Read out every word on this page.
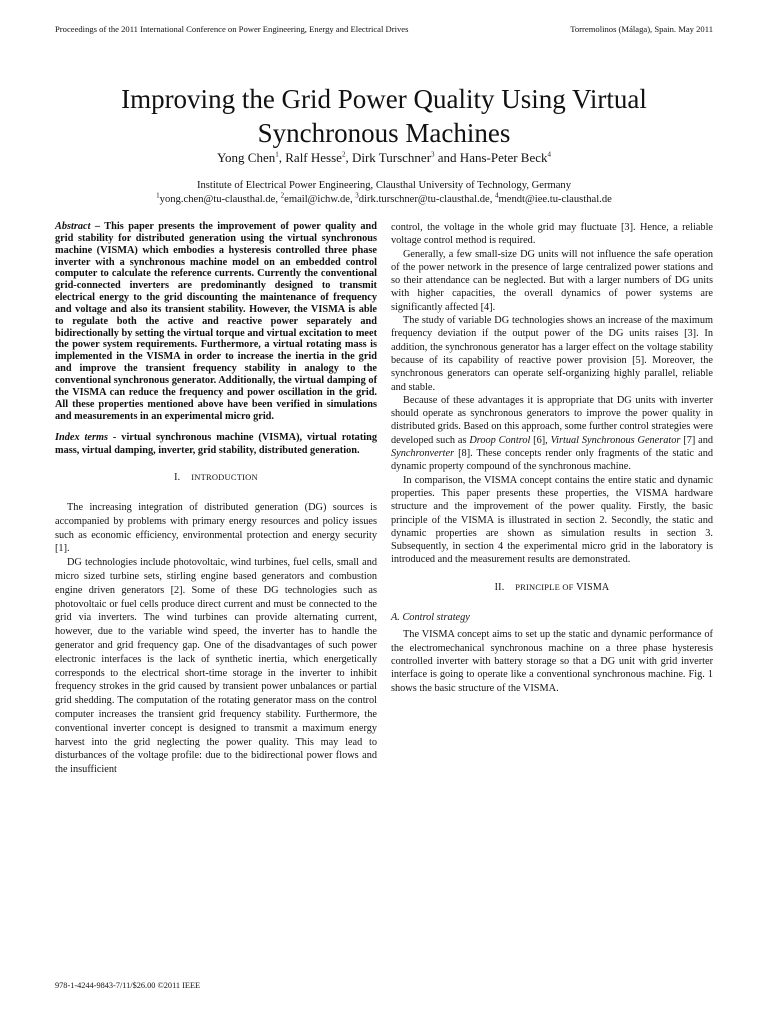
Proceedings of the 2011 International Conference on Power Engineering, Energy and Electrical Drives	Torremolinos (Málaga), Spain. May 2011
Improving the Grid Power Quality Using Virtual
Synchronous Machines
Yong Chen$^1$, Ralf Hesse$^2$, Dirk Turschner$^3$ and Hans-Peter Beck$^4$
Institute of Electrical Power Engineering, Clausthal University of Technology, Germany
$^1$yong.chen@tu-clausthal.de, $^2$email@ichw.de, $^3$dirk.turschner@tu-clausthal.de, $^4$mendt@iee.tu-clausthal.de

Abstract – This paper presents the improvement of power quality and grid stability for distributed generation using the virtual synchronous machine (VISMA) which embodies a hysteresis controlled three phase inverter with a synchronous machine model on an embedded control computer to calculate the reference currents. Currently the conventional grid-connected inverters are predominantly designed to transmit electrical energy to the grid discounting the maintenance of frequency and voltage and also its transient stability. However, the VISMA is able to regulate both the active and reactive power separately and bidirectionally by setting the virtual torque and virtual excitation to meet the power system requirements. Furthermore, a virtual rotating mass is implemented in the VISMA in order to increase the inertia in the grid and improve the transient frequency stability in analogy to the conventional synchronous generator. Additionally, the virtual damping of the VISMA can reduce the frequency and power oscillation in the grid. All these properties mentioned above have been verified in simulations and measurements in an experimental micro grid.

Index terms - virtual synchronous machine (VISMA), virtual rotating mass, virtual damping, inverter, grid stability, distributed generation.

I. INTRODUCTION

The increasing integration of distributed generation (DG) sources is accompanied by problems with primary energy resources and policy issues such as economic efficiency, environmental protection and energy security [1].

DG technologies include photovoltaic, wind turbines, fuel cells, small and micro sized turbine sets, stirling engine based generators and combustion engine driven generators [2]. Some of these DG technologies such as photovoltaic or fuel cells produce direct current and must be connected to the grid via inverters. The wind turbines can provide alternating current, however, due to the variable wind speed, the inverter has to handle the generator and grid frequency gap. One of the disadvantages of such power electronic interfaces is the lack of synthetic inertia, which energetically corresponds to the electrical short-time storage in the inverter to inhibit frequency strokes in the grid caused by transient power unbalances or partial grid shedding. The computation of the rotating generator mass on the control computer increases the transient grid frequency stability. Furthermore, the conventional inverter concept is designed to transmit a maximum energy harvest into the grid neglecting the power quality. This may lead to disturbances of the voltage profile: due to the bidirectional power flows and the insufficient

control, the voltage in the whole grid may fluctuate [3]. Hence, a reliable voltage control method is required.

Generally, a few small-size DG units will not influence the safe operation of the power network in the presence of large centralized power stations and so their attendance can be neglected. But with a larger numbers of DG units with higher capacities, the overall dynamics of power systems are significantly affected [4].

The study of variable DG technologies shows an increase of the maximum frequency deviation if the output power of the DG units raises [3]. In addition, the synchronous generator has a larger effect on the voltage stability because of its capability of reactive power provision [5]. Moreover, the synchronous generators can operate self-organizing highly parallel, reliable and stable.

Because of these advantages it is appropriate that DG units with inverter should operate as synchronous generators to improve the power quality in distributed grids. Based on this approach, some further control strategies were developed such as Droop Control [6], Virtual Synchronous Generator [7] and Synchronverter [8]. These concepts render only fragments of the static and dynamic property compound of the synchronous machine.

In comparison, the VISMA concept contains the entire static and dynamic properties. This paper presents these properties, the VISMA hardware structure and the improvement of the power quality. Firstly, the basic principle of the VISMA is illustrated in section 2. Secondly, the static and dynamic properties are shown as simulation results in section 3. Subsequently, in section 4 the experimental micro grid in the laboratory is introduced and the measurement results are demonstrated.

II. PRINCIPLE OF VISMA

A. Control strategy

The VISMA concept aims to set up the static and dynamic performance of the electromechanical synchronous machine on a three phase hysteresis controlled inverter with battery storage so that a DG unit with grid inverter interface is going to operate like a conventional synchronous machine. Fig. 1 shows the basic structure of the VISMA.

978-1-4244-9843-7/11/$26.00 ©2011 IEEE
